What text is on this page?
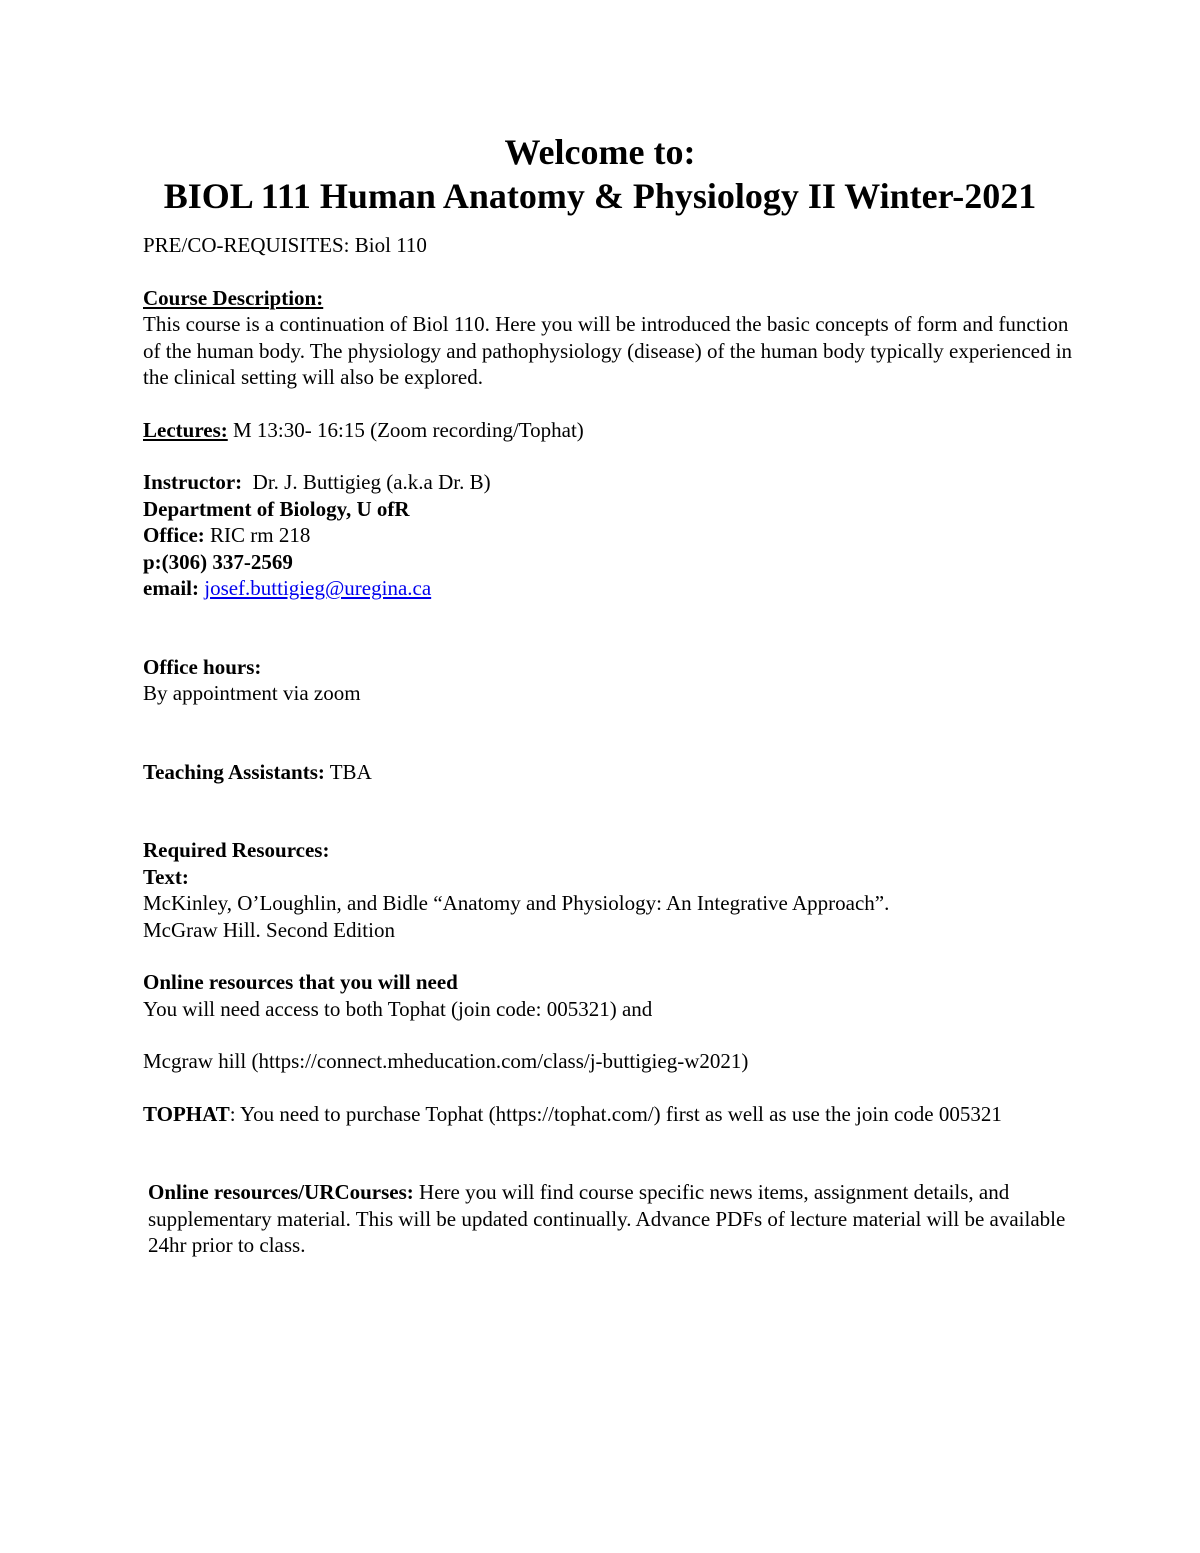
Welcome to:
BIOL 111 Human Anatomy & Physiology II Winter-2021

PRE/CO-REQUISITES: Biol 110

Course Description:

This course is a continuation of Biol 110. Here you will be introduced the basic concepts of form and function of the human body. The physiology and pathophysiology (disease) of the human body typically experienced in the clinical setting will also be explored.

Lectures: M 13:30- 16:15 (Zoom recording/Tophat)

Instructor:  Dr. J. Buttigieg (a.k.a Dr. B)

Department of Biology, U ofR

Office: RIC rm 218

p:(306) 337-2569

email: josef.buttigieg@uregina.ca

Office hours:

By appointment via zoom

Teaching Assistants: TBA

Required Resources:

Text:

McKinley, O’Loughlin, and Bidle “Anatomy and Physiology: An Integrative Approach”.

McGraw Hill. Second Edition

Online resources that you will need

You will need access to both Tophat (join code: 005321) and

Mcgraw hill (https://connect.mheducation.com/class/j-buttigieg-w2021)

TOPHAT: You need to purchase Tophat (https://tophat.com/) first as well as use the join code 005321

Online resources/URCourses: Here you will find course specific news items, assignment details, and supplementary material. This will be updated continually. Advance PDFs of lecture material will be available 24hr prior to class.
